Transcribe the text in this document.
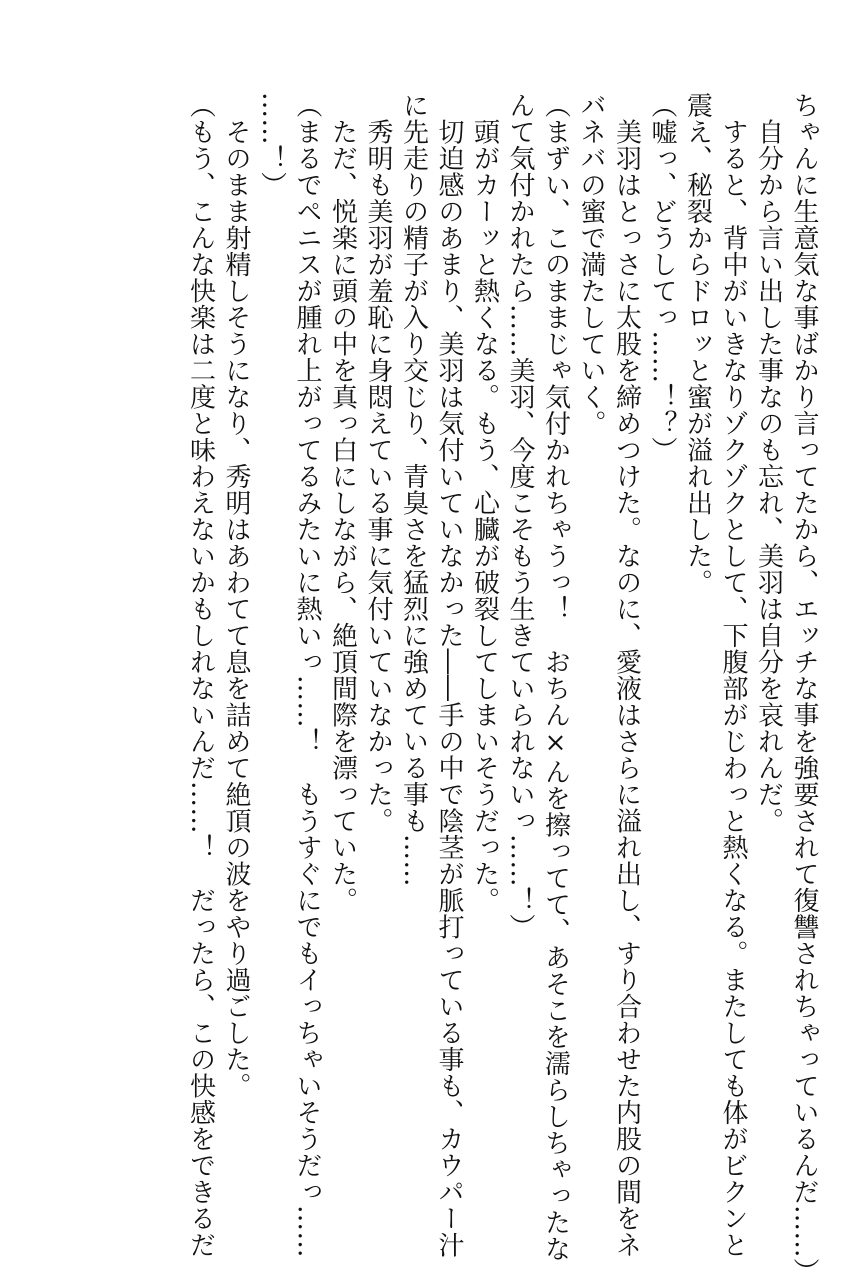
ちゃんに生意気な事ばかり言ってたから、エッチな事を強要されて復讐されちゃっているんだ……）

　自分から言い出した事なのも忘れ、美羽は自分を哀れんだ。

　すると、背中がいきなりゾクゾクとして、下腹部がじわっと熱くなる。またしても体がビクンと

震え、秘裂からドロッと蜜が溢れ出した。

（嘘っ、どうしてっ……！？）

　美羽はとっさに太股を締めつけた。なのに、愛液はさらに溢れ出し、すり合わせた内股の間をネ

バネバの蜜で満たしていく。

（まずい、このままじゃ気付かれちゃうっ！　おちん×んを擦ってて、あそこを濡らしちゃったな

んて気付かれたら……美羽、今度こそもう生きていられないっ……！）

　頭がカーッと熱くなる。もう、心臓が破裂してしまいそうだった。

　切迫感のあまり、美羽は気付いていなかった――手の中で陰茎が脈打っている事も、カウパー汁

に先走りの精子が入り交じり、青臭さを猛烈に強めている事も……

　秀明も美羽が羞恥に身悶えている事に気付いていなかった。

　ただ、悦楽に頭の中を真っ白にしながら、絶頂間際を漂っていた。

（まるでペニスが腫れ上がってるみたいに熱いっ……！　もうすぐにでもイっちゃいそうだっ……

……！）

　そのまま射精しそうになり、秀明はあわてて息を詰めて絶頂の波をやり過ごした。

（もう、こんな快楽は二度と味わえないかもしれないんだ……！　だったら、この快感をできるだ
